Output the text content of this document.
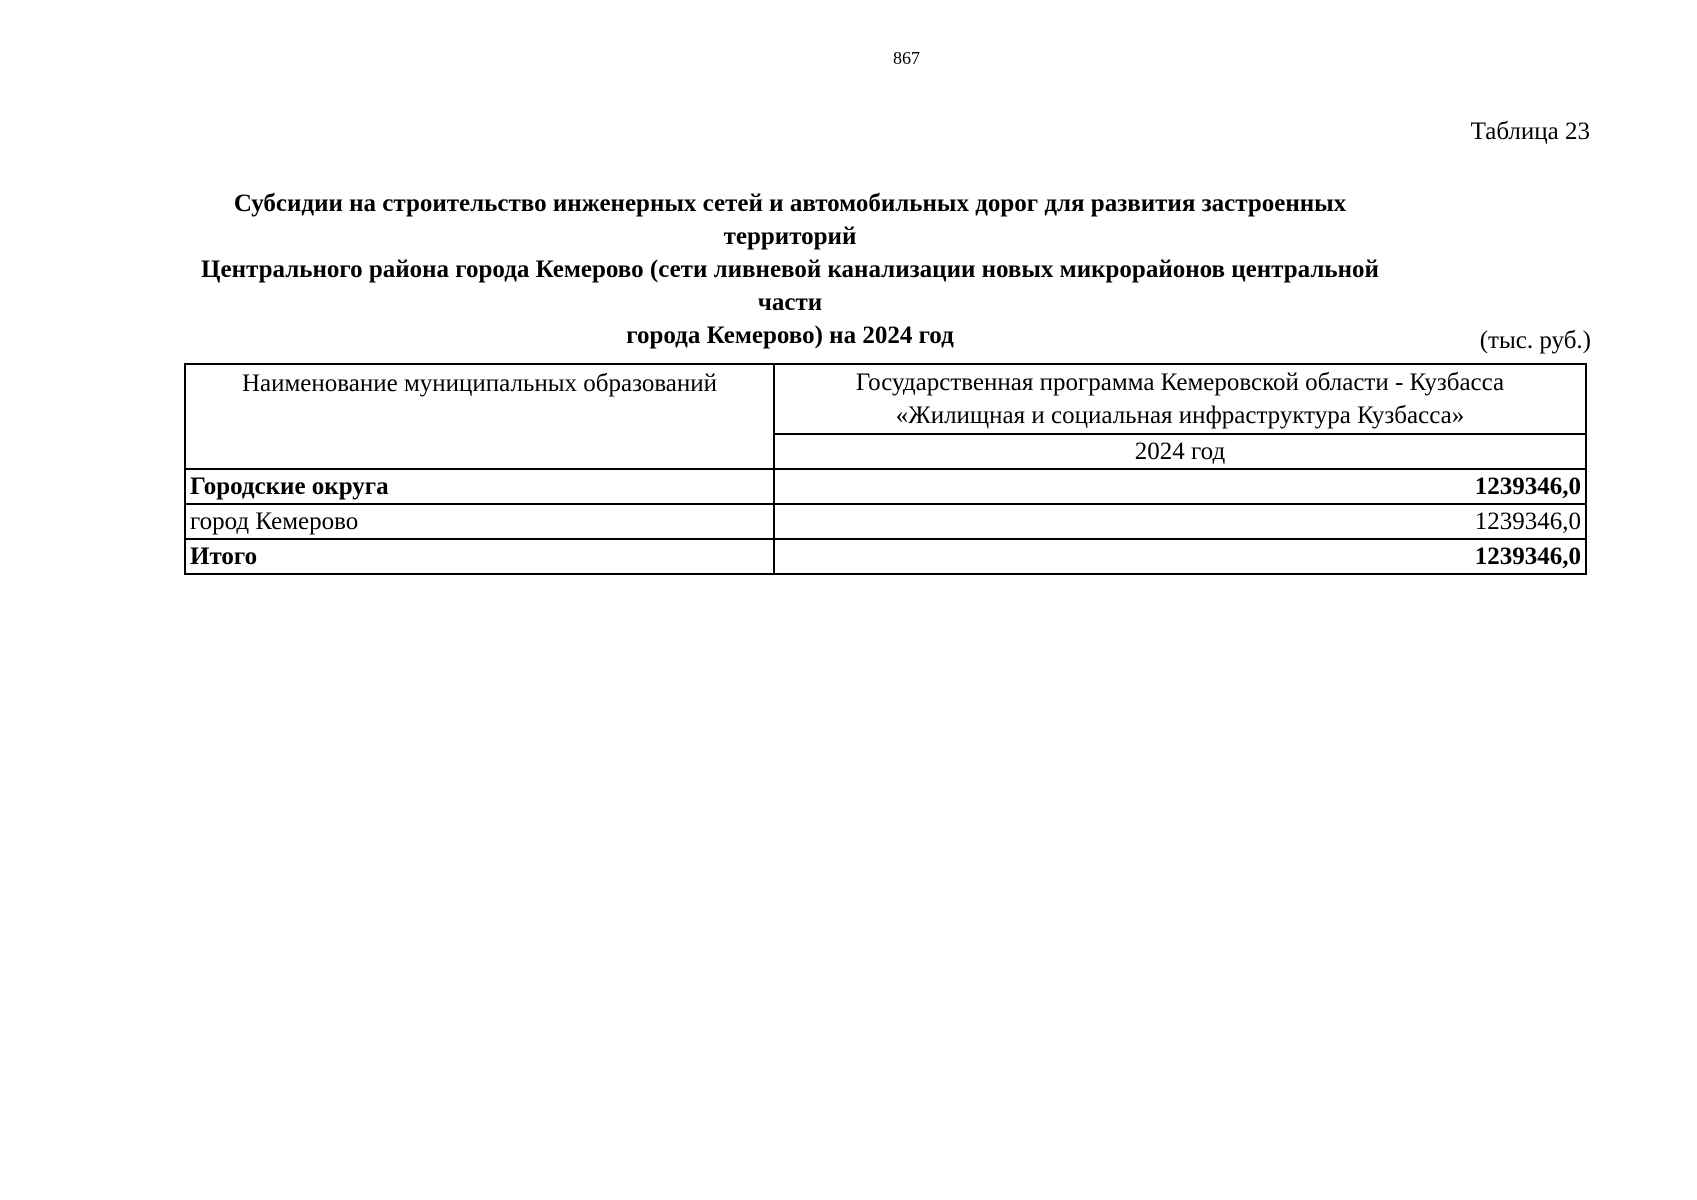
867
Таблица 23
Субсидии на строительство инженерных сетей и автомобильных дорог для развития застроенных территорий
Центрального района города Кемерово (сети ливневой канализации новых микрорайонов центральной части
города Кемерово) на 2024 год	(тыс. руб.)
Наименование муниципальных образований	Государственная программа Кемеровской области - Кузбасса
«Жилищная и социальная инфраструктура Кузбасса»

	2024 год
Городские округа	1239346,0
город Кемерово	1239346,0
Итого	1239346,0
